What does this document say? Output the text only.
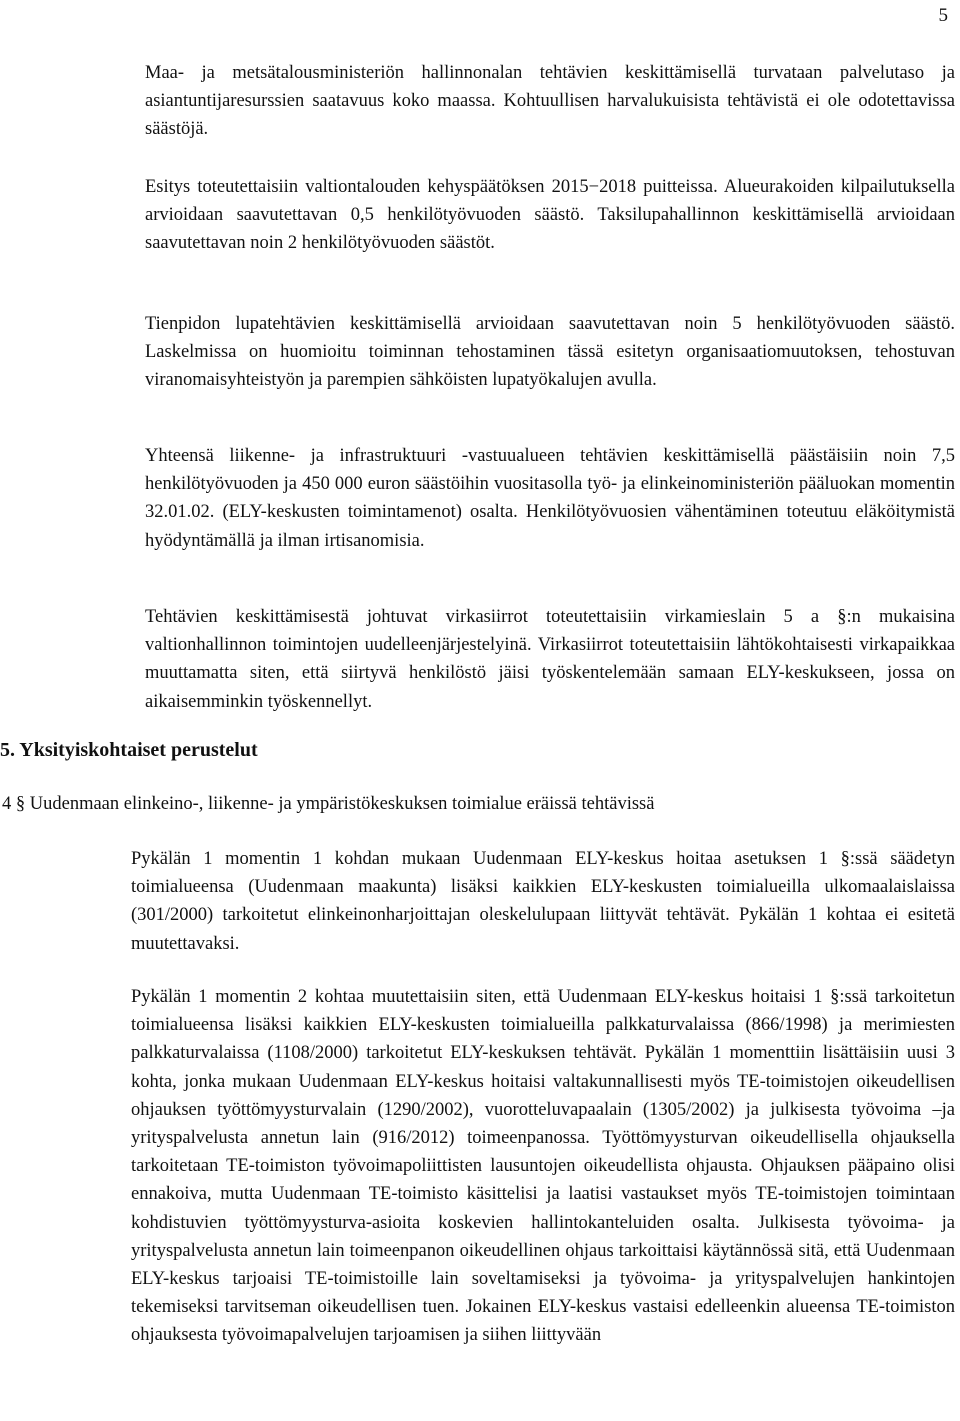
5

Maa- ja metsätalousministeriön hallinnonalan tehtävien keskittämisellä turvataan palvelutaso ja asiantuntijaresurssien saatavuus koko maassa. Kohtuullisen harvalukuisista tehtävistä ei ole odotettavissa säästöjä.

Esitys toteutettaisiin valtiontalouden kehyspäätöksen 2015−2018 puitteissa. Alueurakoiden kilpailutuksella arvioidaan saavutettavan 0,5 henkilötyövuoden säästö. Taksilupahallinnon keskittämisellä arvioidaan saavutettavan noin 2 henkilötyövuoden säästöt.

Tienpidon lupatehtävien keskittämisellä arvioidaan saavutettavan noin 5 henkilötyövuoden säästö. Laskelmissa on huomioitu toiminnan tehostaminen tässä esitetyn organisaatiomuutoksen, tehostuvan viranomaisyhteistyön ja parempien sähköisten lupatyökalujen avulla.

Yhteensä liikenne- ja infrastruktuuri -vastuualueen tehtävien keskittämisellä päästäisiin noin 7,5 henkilötyövuoden ja 450 000 euron säästöihin vuositasolla työ- ja elinkeinoministeriön pääluokan momentin 32.01.02. (ELY-keskusten toimintamenot) osalta. Henkilötyövuosien vähentäminen toteutuu eläköitymistä hyödyntämällä ja ilman irtisanomisia.

Tehtävien keskittämisestä johtuvat virkasiirrot toteutettaisiin virkamieslain 5 a §:n mukaisina valtionhallinnon toimintojen uudelleenjärjestelyinä. Virkasiirrot toteutettaisiin lähtökohtaisesti virkapaikkaa muuttamatta siten, että siirtyvä henkilöstö jäisi työskentelemään samaan ELY-keskukseen, jossa on aikaisemminkin työskennellyt.

5. Yksityiskohtaiset perustelut
4 § Uudenmaan elinkeino-, liikenne- ja ympäristökeskuksen toimialue eräissä tehtävissä

Pykälän 1 momentin 1 kohdan mukaan Uudenmaan ELY-keskus hoitaa asetuksen 1 §:ssä säädetyn toimialueensa (Uudenmaan maakunta) lisäksi kaikkien ELY-keskusten toimialueilla ulkomaalaislaissa (301/2000) tarkoitetut elinkeinonharjoittajan oleskelulupaan liittyvät tehtävät. Pykälän 1 kohtaa ei esitetä muutettavaksi.

Pykälän 1 momentin 2 kohtaa muutettaisiin siten, että Uudenmaan ELY-keskus hoitaisi 1 §:ssä tarkoitetun toimialueensa lisäksi kaikkien ELY-keskusten toimialueilla palkkaturvalaissa (866/1998) ja merimiesten palkkaturvalaissa (1108/2000) tarkoitetut ELY-keskuksen tehtävät. Pykälän 1 momenttiin lisättäisiin uusi 3 kohta, jonka mukaan Uudenmaan ELY-keskus hoitaisi valtakunnallisesti myös TE-toimistojen oikeudellisen ohjauksen työttömyysturvalain (1290/2002), vuorotteluvapaalain (1305/2002) ja julkisesta työvoima –ja yrityspalvelusta annetun lain (916/2012) toimeenpanossa. Työttömyysturvan oikeudellisella ohjauksella tarkoitetaan TE-toimiston työvoimapoliittisten lausuntojen oikeudellista ohjausta. Ohjauksen pääpaino olisi ennakoiva, mutta Uudenmaan TE-toimisto käsittelisi ja laatisi vastaukset myös TE-toimistojen toimintaan kohdistuvien työttömyysturva-asioita koskevien hallintokanteluiden osalta. Julkisesta työvoima- ja yrityspalvelusta annetun lain toimeenpanon oikeudellinen ohjaus tarkoittaisi käytännössä sitä, että Uudenmaan ELY-keskus tarjoaisi TE-toimistoille lain soveltamiseksi ja työvoima- ja yrityspalvelujen hankintojen tekemiseksi tarvitseman oikeudellisen tuen. Jokainen ELY-keskus vastaisi edelleenkin alueensa TE-toimiston ohjauksesta työvoimapalvelujen tarjoamisen ja siihen liittyvään
